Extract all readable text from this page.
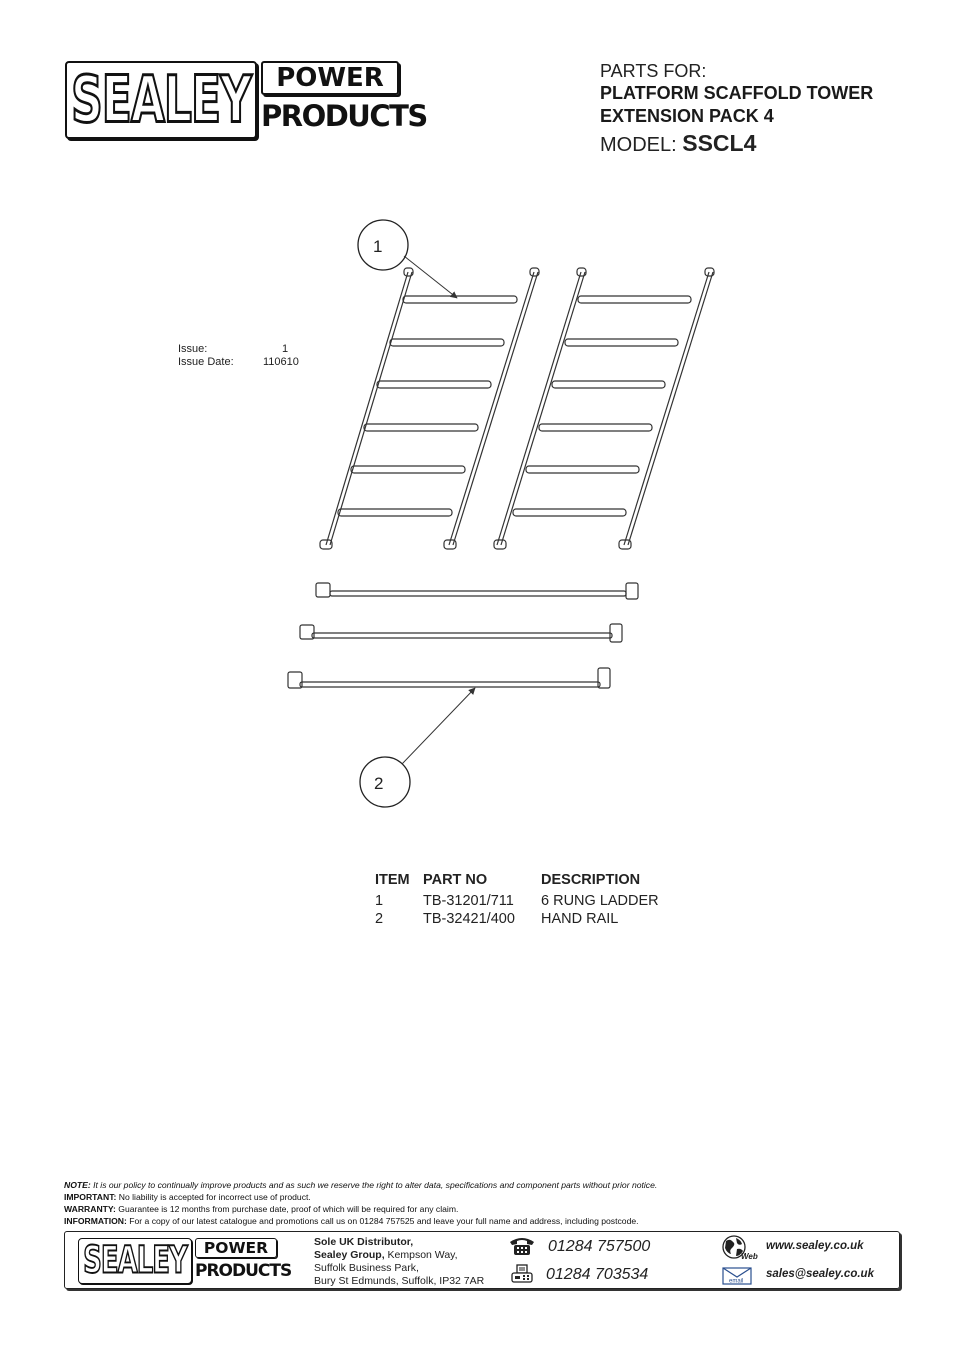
SEALEY POWER
PRODUCTS
PARTS FOR:
PLATFORM SCAFFOLD TOWER
EXTENSION PACK 4
MODEL: SSCL4
Issue:	1
Issue Date:	110610
1
2
ITEM	PART NO	DESCRIPTION
1	TB-31201/711	6 RUNG LADDER
2	TB-32421/400	HAND RAIL
NOTE: It is our policy to continually improve products and as such we reserve the right to alter data, specifications and component parts without prior notice.
IMPORTANT: No liability is accepted for incorrect use of product.
WARRANTY: Guarantee is 12 months from purchase date, proof of which will be required for any claim.
INFORMATION: For a copy of our latest catalogue and promotions call us on 01284 757525 and leave your full name and address, including postcode.
SEALEY	POWER
PRODUCTS
Sole UK Distributor,
Sealey Group, Kempson Way,
Suffolk Business Park,
Bury St Edmunds, Suffolk, IP32 7AR
01284 757500
01284 703534
Web
www.sealey.co.uk
email
sales@sealey.co.uk
